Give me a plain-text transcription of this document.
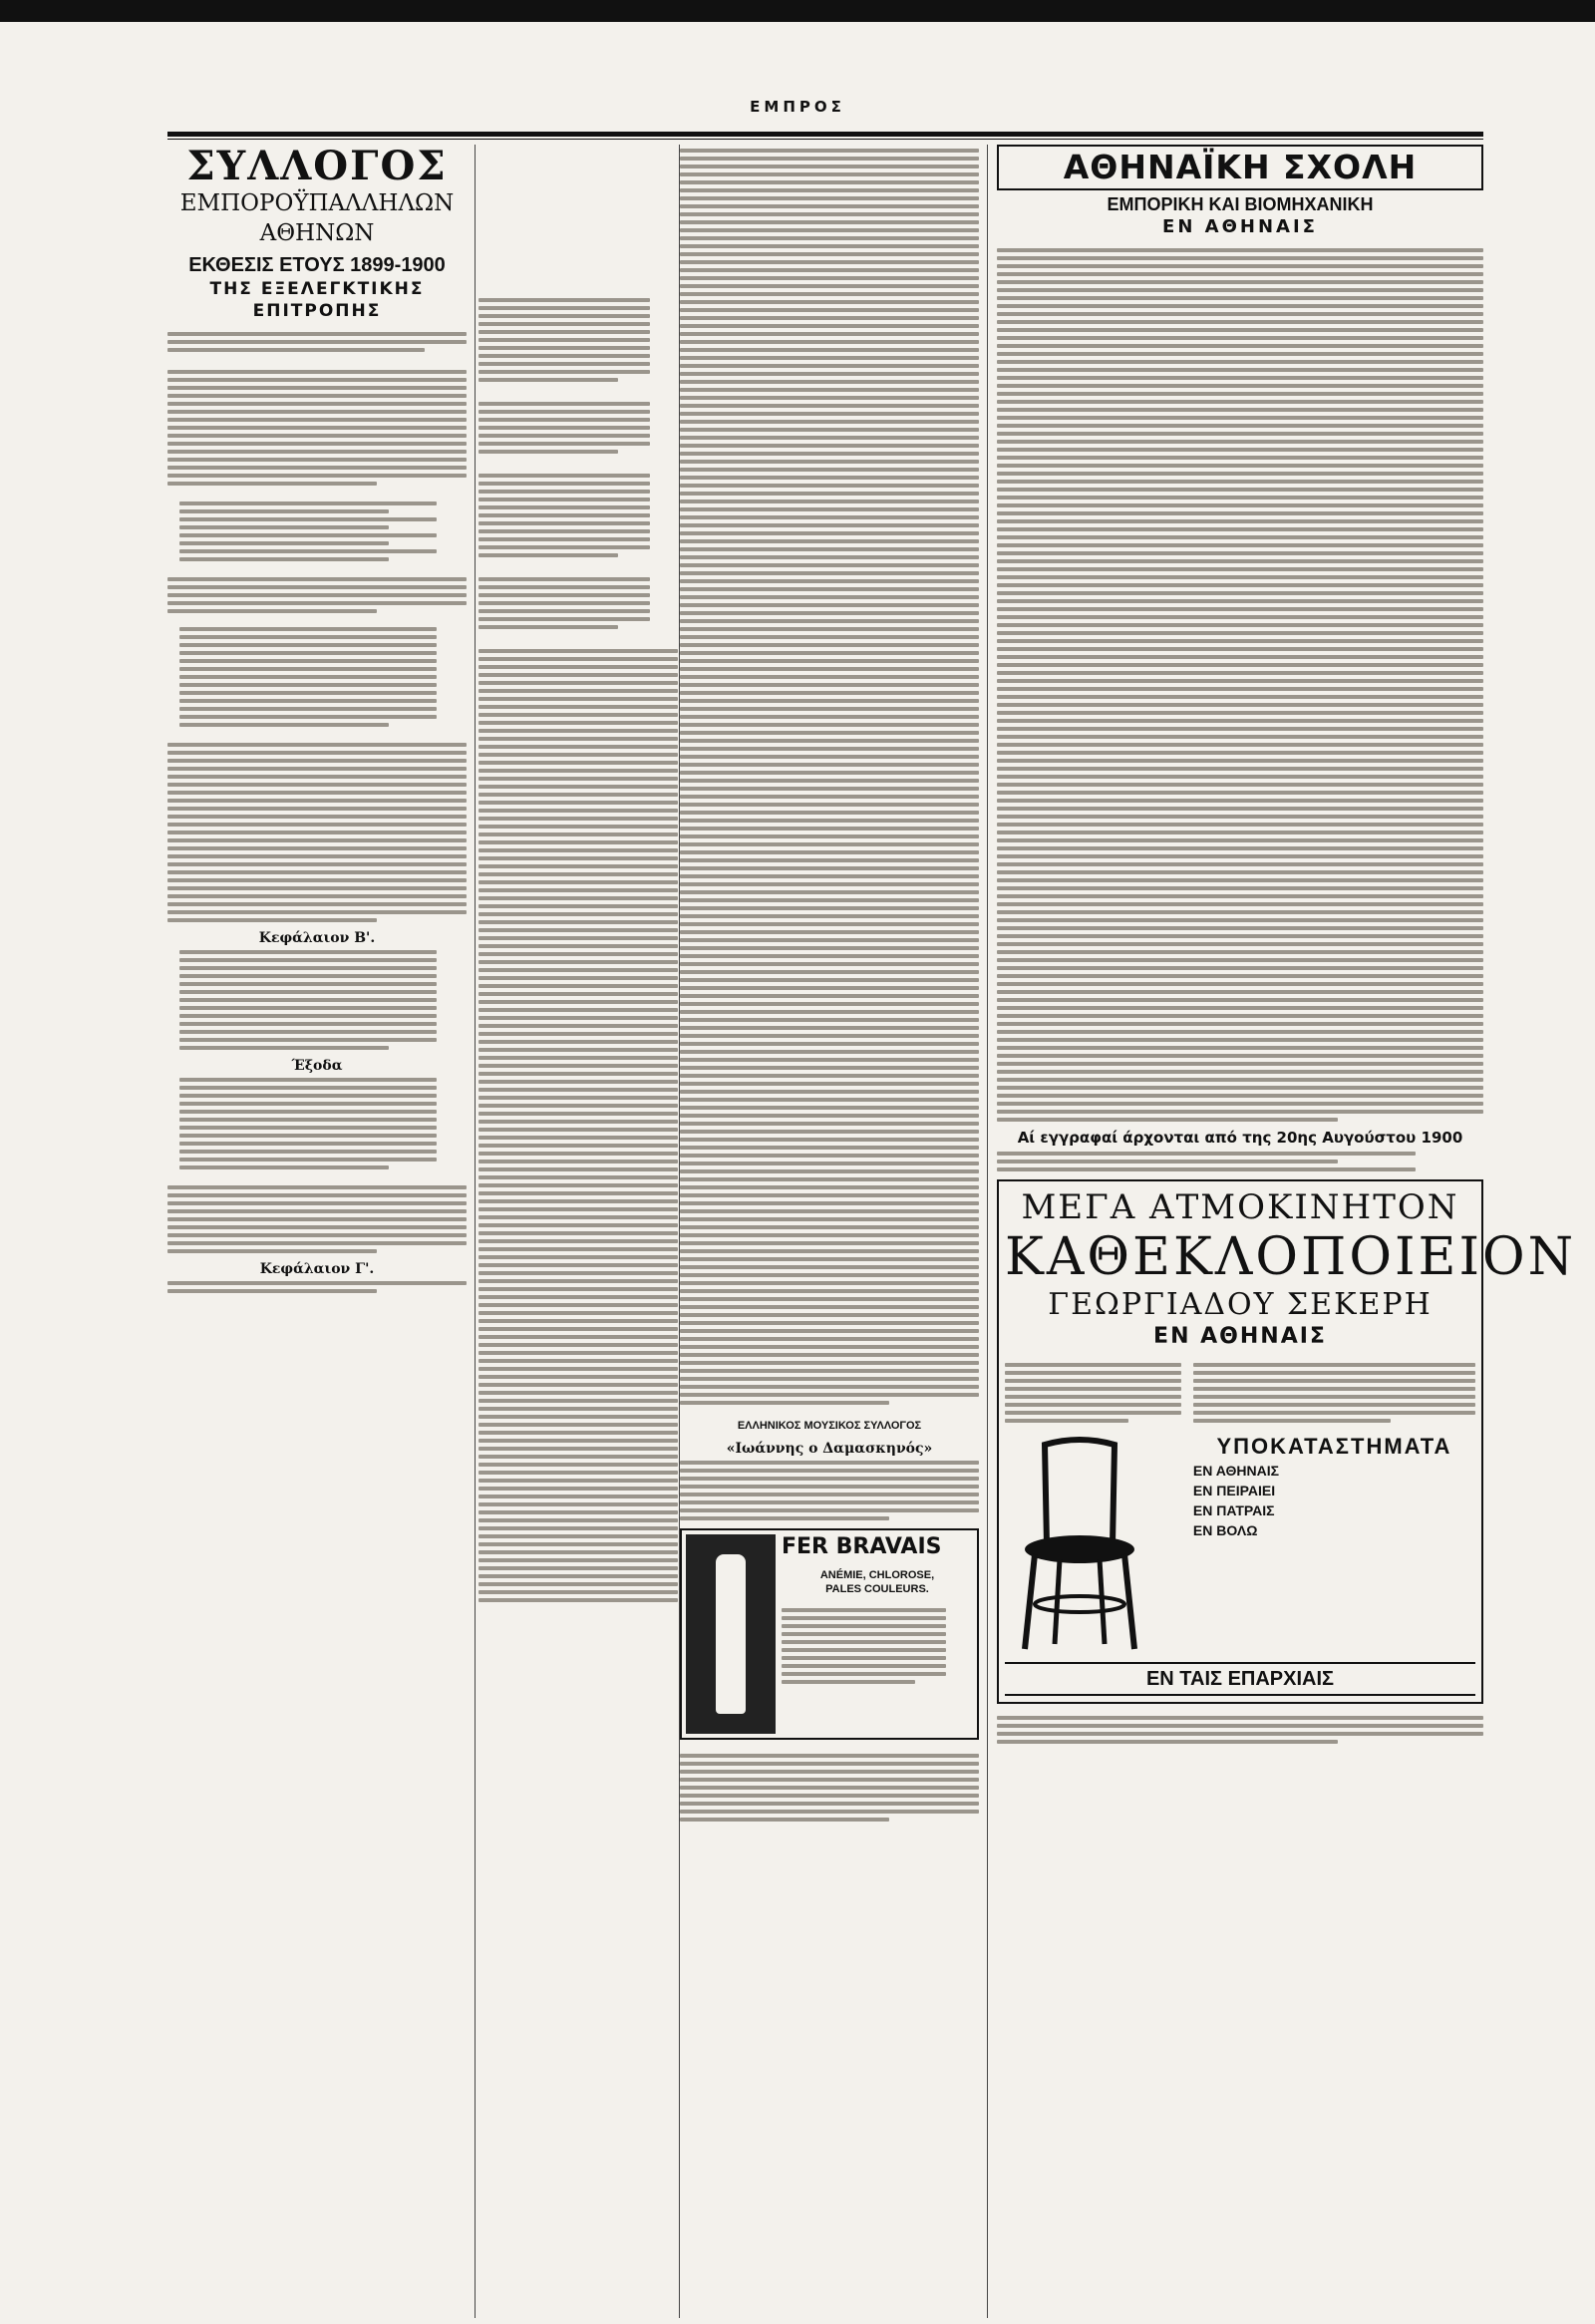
ΕΜΠΡΟΣ
ΣΥΛΛΟΓΟΣ
ΕΜΠΟΡΟΫΠΑΛΛΗΛΩΝ ΑΘΗΝΩΝ
ΕΚΘΕΣΙΣ ΕΤΟΥΣ 1899-1900
ΤΗΣ ΕΞΕΛΕΓΚΤΙΚΗΣ ΕΠΙΤΡΟΠΗΣ
Κεφάλαιον Β'.
Έξοδα
Κεφάλαιον Γ'.
ΕΛΛΗΝΙΚΟΣ ΜΟΥΣΙΚΟΣ ΣΥΛΛΟΓΟΣ
«Ιωάννης ο Δαμασκηνός»
FER BRAVAIS
ANÉMIE, CHLOROSE,
PALES COULEURS.
ΑΘΗΝΑΪΚΗ ΣΧΟΛΗ
ΕΜΠΟΡΙΚΗ ΚΑΙ ΒΙΟΜΗΧΑΝΙΚΗ
ΕΝ ΑΘΗΝΑΙΣ
Αί εγγραφαί άρχονται από της 20ης Αυγούστου 1900
ΜΕΓΑ ΑΤΜΟΚΙΝΗΤΟΝ
ΚΑΘΕΚΛΟΠΟΙΕΙΟΝ
ΓΕΩΡΓΙΑΔΟΥ ΣΕΚΕΡΗ
ΕΝ ΑΘΗΝΑΙΣ
ΥΠΟΚΑΤΑΣΤΗΜΑΤΑ
ΕΝ ΑΘΗΝΑΙΣ
ΕΝ ΠΕΙΡΑΙΕΙ
ΕΝ ΠΑΤΡΑΙΣ
ΕΝ ΒΟΛΩ
ΕΝ ΤΑΙΣ ΕΠΑΡΧΙΑΙΣ
